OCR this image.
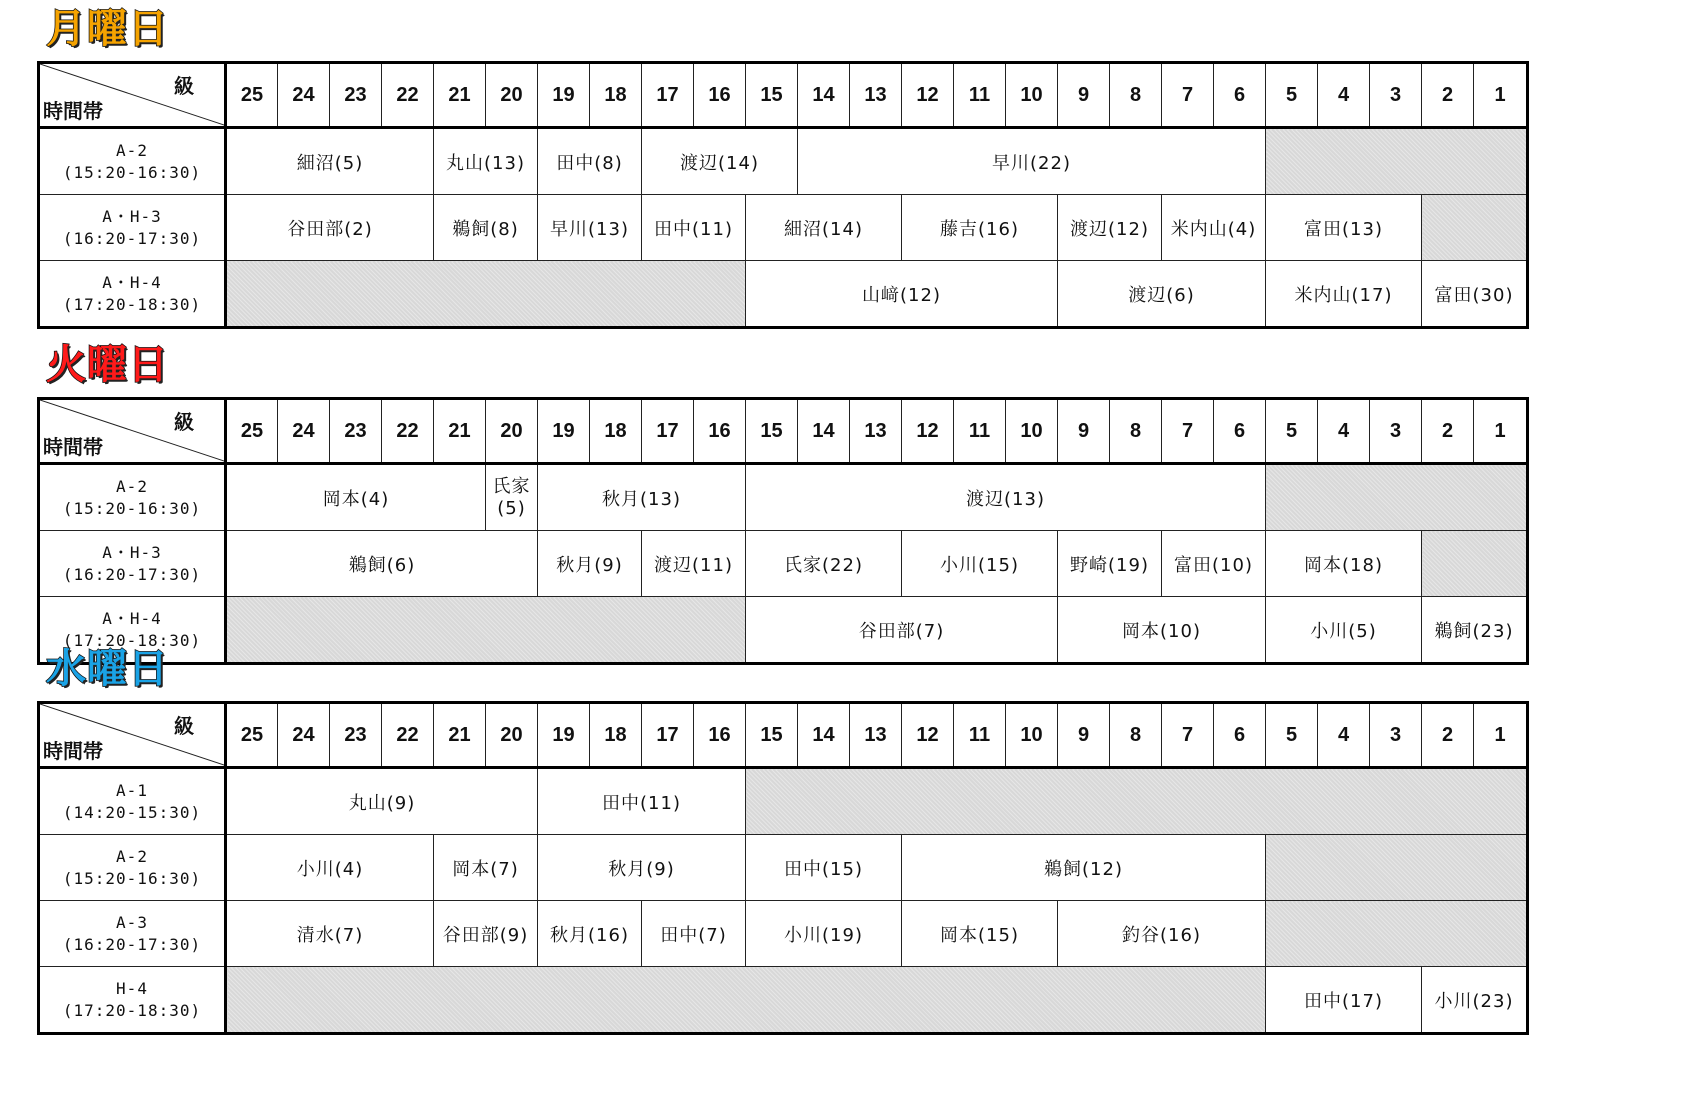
月曜日
級
時間帯	25	24	23	22	21	20	19	18	17	16	15	14	13	12	11	10	9	8	7	6	5	4	3	2	1

A-2
(15:20-16:30)	細沼(5)				丸山(13)		田中(8)		渡辺(14)			早川(22)													

A・H-3
(16:20-17:30)	谷田部(2)				鵜飼(8)		早川(13)		田中(11)		細沼(14)			藤吉(16)			渡辺(12)		米内山(4)		富田(13)				

A・H-4
(17:20-18:30)											山﨑(12)						渡辺(6)				米内山(17)			富田(30)	
火曜日
級
時間帯	25	24	23	22	21	20	19	18	17	16	15	14	13	12	11	10	9	8	7	6	5	4	3	2	1

A-2
(15:20-16:30)	岡本(4)					氏家 (5)	秋月(13)				渡辺(13)														

A・H-3
(16:20-17:30)	鵜飼(6)						秋月(9)		渡辺(11)		氏家(22)			小川(15)			野崎(19)		富田(10)		岡本(18)				

A・H-4
(17:20-18:30)											谷田部(7)						岡本(10)				小川(5)			鵜飼(23)	
水曜日
級
時間帯	25	24	23	22	21	20	19	18	17	16	15	14	13	12	11	10	9	8	7	6	5	4	3	2	1

A-1
(14:20-15:30)	丸山(9)						田中(11)																		

A-2
(15:20-16:30)	小川(4)				岡本(7)		秋月(9)				田中(15)			鵜飼(12)											

A-3
(16:20-17:30)	清水(7)				谷田部(9)		秋月(16)		田中(7)		小川(19)			岡本(15)			釣谷(16)								

H-4
(17:20-18:30)																					田中(17)			小川(23)	
